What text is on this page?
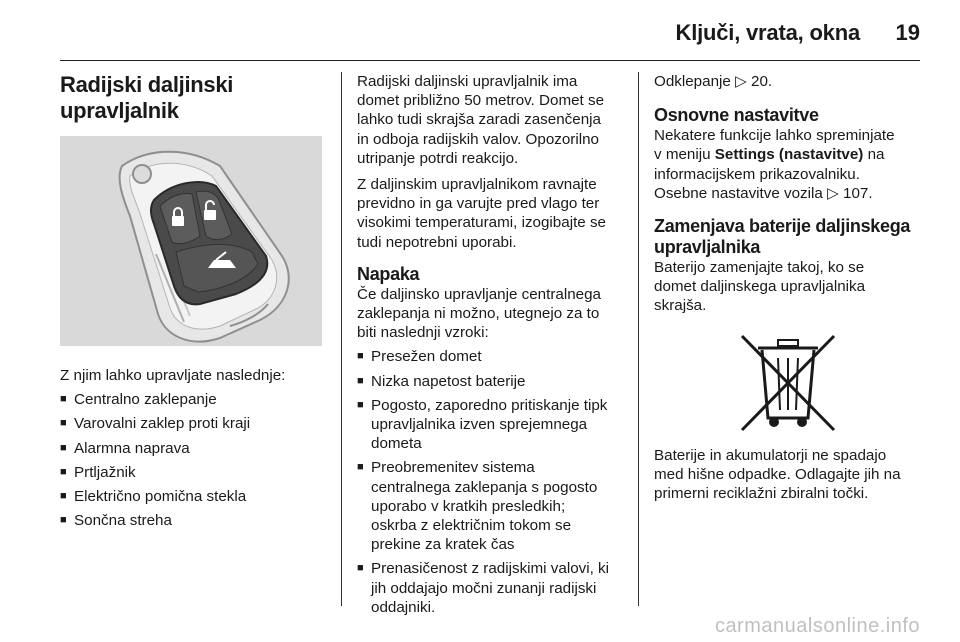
Ključi, vrata, okna 19
Radijski daljinski
upravljalnik

Z njim lahko upravljate naslednje:

■ Centralno zaklepanje
■ Varovalni zaklep proti kraji
■ Alarmna naprava
■ Prtljažnik
■ Električno pomična stekla
■ Sončna streha

Radijski daljinski upravljalnik ima
domet približno 50 metrov. Domet se
lahko tudi skrajša zaradi zasenčenja
in odboja radijskih valov. Opozorilno
utripanje potrdi reakcijo.

Z daljinskim upravljalnikom ravnajte
previdno in ga varujte pred vlago ter
visokimi temperaturami, izogibajte se
tudi nepotrebni uporabi.

Napaka

Če daljinsko upravljanje centralnega
zaklepanja ni možno, utegnejo za to
biti naslednji vzroki:

■ Presežen domet
■ Nizka napetost baterije
■ Pogosto, zaporedno pritiskanje tipk
upravljalnika izven sprejemnega
dometa
■ Preobremenitev sistema
centralnega zaklepanja s pogosto
uporabo v kratkih presledkih;
oskrba z električnim tokom se
prekine za kratek čas
■ Prenasičenost z radijskimi valovi, ki
jih oddajajo močni zunanji radijski
oddajniki.

Odklepanje ▷ 20.

Osnovne nastavitve

Nekatere funkcije lahko spreminjate
v meniju Settings (nastavitve) na
informacijskem prikazovalniku.
Osebne nastavitve vozila ▷ 107.

Zamenjava baterije daljinskega
upravljalnika

Baterijo zamenjajte takoj, ko se
domet daljinskega upravljalnika
skrajša.

Baterije in akumulatorji ne spadajo
med hišne odpadke. Odlagajte jih na
primerni reciklažni zbiralni točki.

carmanualsonline.info
